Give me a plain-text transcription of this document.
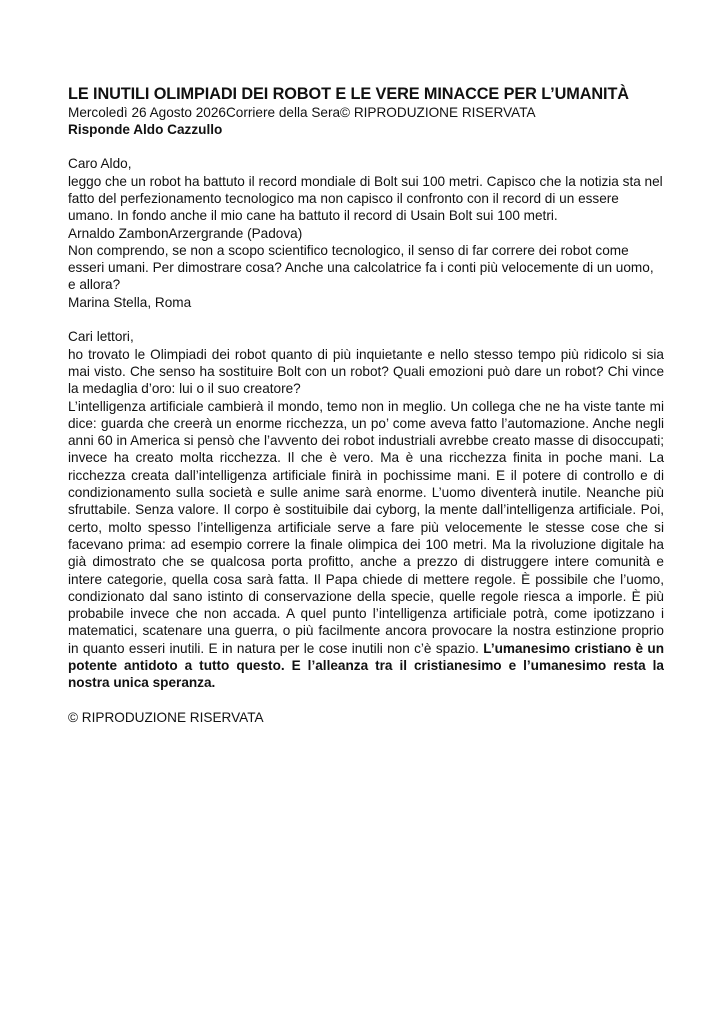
LE INUTILI OLIMPIADI DEI ROBOT E LE VERE MINACCE PER L’UMANITÀ

Mercoledì 26 Agosto 2026Corriere della Sera© RIPRODUZIONE RISERVATA

Risponde Aldo Cazzullo

Caro Aldo,

leggo che un robot ha battuto il record mondiale di Bolt sui 100 metri. Capisco che la notizia sta nel fatto del perfezionamento tecnologico ma non capisco il confronto con il record di un essere umano. In fondo anche il mio cane ha battuto il record di Usain Bolt sui 100 metri.

Arnaldo ZambonArzergrande (Padova)

Non comprendo, se non a scopo scientifico tecnologico, il senso di far correre dei robot come esseri umani. Per dimostrare cosa? Anche una calcolatrice fa i conti più velocemente di un uomo, e allora?

Marina Stella, Roma

Cari lettori,

ho trovato le Olimpiadi dei robot quanto di più inquietante e nello stesso tempo più ridicolo si sia mai visto. Che senso ha sostituire Bolt con un robot? Quali emozioni può dare un robot? Chi vince la medaglia d’oro: lui o il suo creatore?

L’intelligenza artificiale cambierà il mondo, temo non in meglio. Un collega che ne ha viste tante mi dice: guarda che creerà un enorme ricchezza, un po’ come aveva fatto l’automazione. Anche negli anni 60 in America si pensò che l’avvento dei robot industriali avrebbe creato masse di disoccupati; invece ha creato molta ricchezza. Il che è vero. Ma è una ricchezza finita in poche mani. La ricchezza creata dall’intelligenza artificiale finirà in pochissime mani. E il potere di controllo e di condizionamento sulla società e sulle anime sarà enorme. L’uomo diventerà inutile. Neanche più sfruttabile. Senza valore. Il corpo è sostituibile dai cyborg, la mente dall’intelligenza artificiale. Poi, certo, molto spesso l’intelligenza artificiale serve a fare più velocemente le stesse cose che si facevano prima: ad esempio correre la finale olimpica dei 100 metri. Ma la rivoluzione digitale ha già dimostrato che se qualcosa porta profitto, anche a prezzo di distruggere intere comunità e intere categorie, quella cosa sarà fatta. Il Papa chiede di mettere regole. È possibile che l’uomo, condizionato dal sano istinto di conservazione della specie, quelle regole riesca a imporle. È più probabile invece che non accada. A quel punto l’intelligenza artificiale potrà, come ipotizzano i matematici, scatenare una guerra, o più facilmente ancora provocare la nostra estinzione proprio in quanto esseri inutili. E in natura per le cose inutili non c’è spazio. L’umanesimo cristiano è un potente antidoto a tutto questo. E l’alleanza tra il cristianesimo e l’umanesimo resta la nostra unica speranza.

© RIPRODUZIONE RISERVATA
